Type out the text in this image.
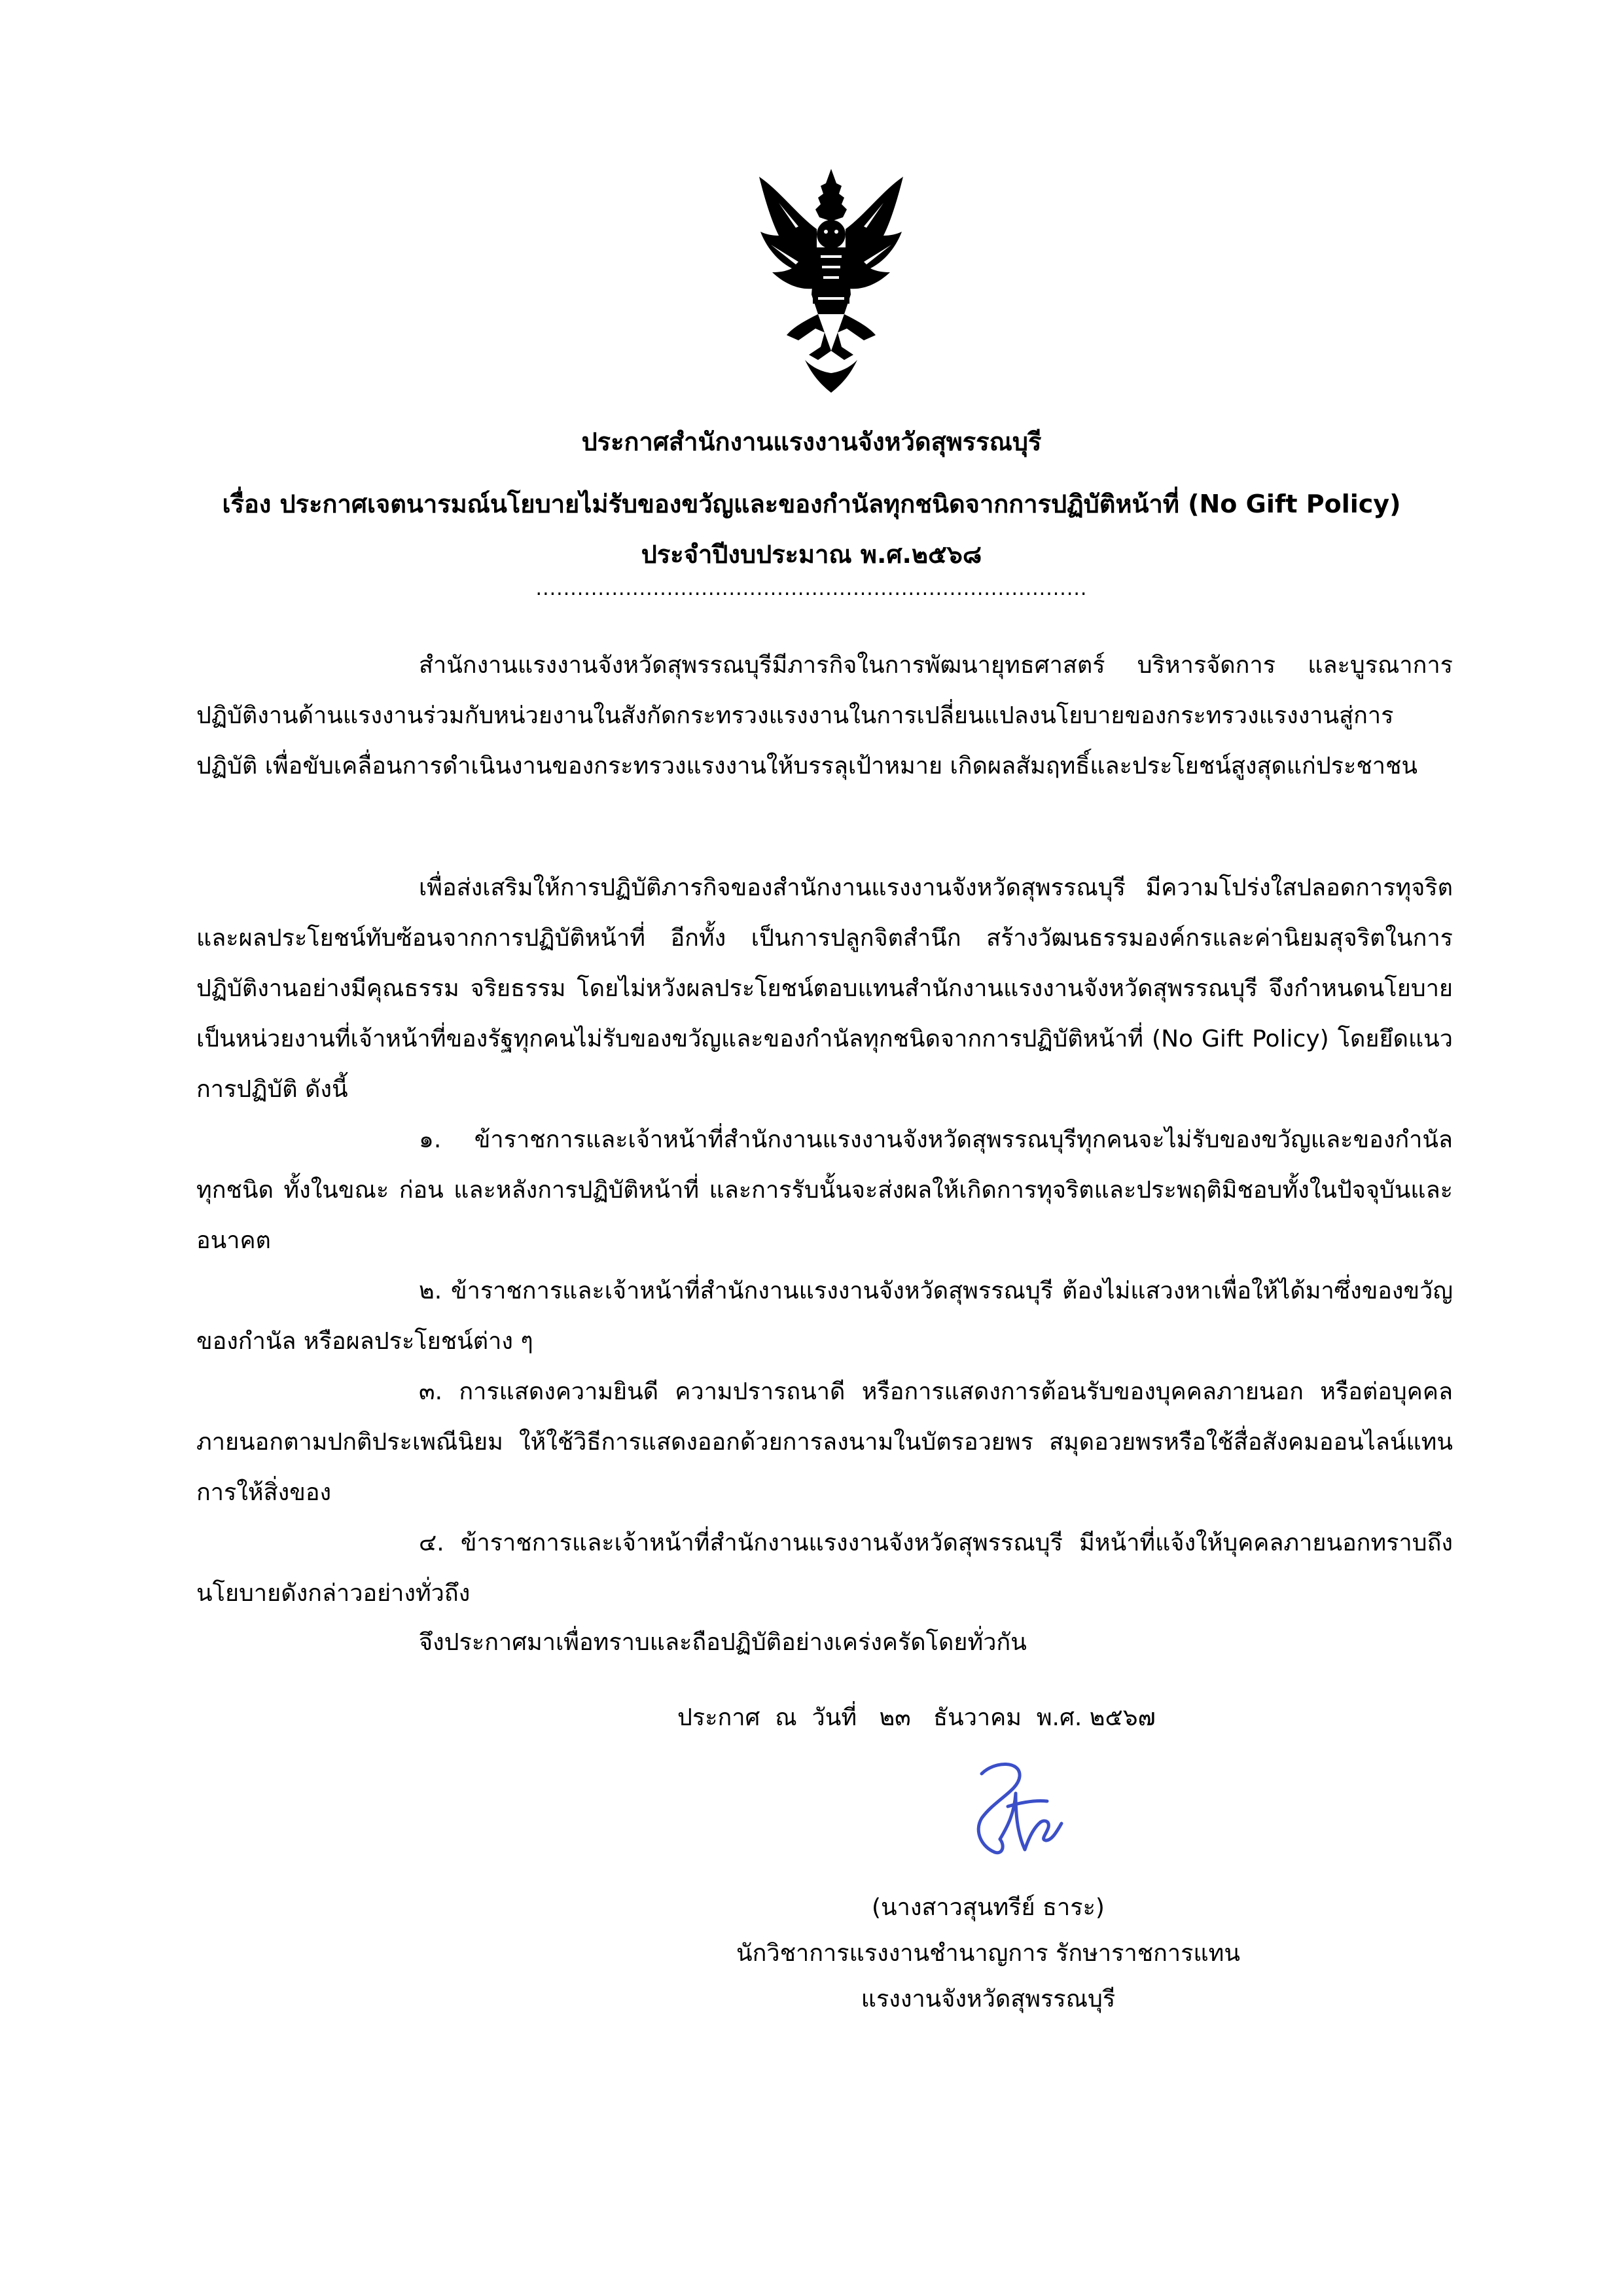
ประกาศสำนักงานแรงงานจังหวัดสุพรรณบุรี
เรื่อง ประกาศเจตนารมณ์นโยบายไม่รับของขวัญและของกำนัลทุกชนิดจากการปฏิบัติหน้าที่ (No Gift Policy)
ประจำปีงบประมาณ พ.ศ.๒๕๖๘
................................................................................

สำนักงานแรงงานจังหวัดสุพรรณบุรีมีภารกิจในการพัฒนายุทธศาสตร์ บริหารจัดการ และบูรณาการปฏิบัติงานด้านแรงงานร่วมกับหน่วยงานในสังกัดกระทรวงแรงงานในการเปลี่ยนแปลงนโยบายของกระทรวงแรงงานสู่การปฏิบัติ เพื่อขับเคลื่อนการดำเนินงานของกระทรวงแรงงานให้บรรลุเป้าหมาย เกิดผลสัมฤทธิ์และประโยชน์สูงสุดแก่ประชาชน

เพื่อส่งเสริมให้การปฏิบัติภารกิจของสำนักงานแรงงานจังหวัดสุพรรณบุรี มีความโปร่งใสปลอดการทุจริตและผลประโยชน์ทับซ้อนจากการปฏิบัติหน้าที่ อีกทั้ง เป็นการปลูกจิตสำนึก สร้างวัฒนธรรมองค์กรและค่านิยมสุจริตในการปฏิบัติงานอย่างมีคุณธรรม จริยธรรม โดยไม่หวังผลประโยชน์ตอบแทนสำนักงานแรงงานจังหวัดสุพรรณบุรี จึงกำหนดนโยบายเป็นหน่วยงานที่เจ้าหน้าที่ของรัฐทุกคนไม่รับของขวัญและของกำนัลทุกชนิดจากการปฏิบัติหน้าที่ (No Gift Policy) โดยยึดแนวการปฏิบัติ ดังนี้

๑. ข้าราชการและเจ้าหน้าที่สำนักงานแรงงานจังหวัดสุพรรณบุรีทุกคนจะไม่รับของขวัญและของกำนัลทุกชนิด ทั้งในขณะ ก่อน และหลังการปฏิบัติหน้าที่ และการรับนั้นจะส่งผลให้เกิดการทุจริตและประพฤติมิชอบทั้งในปัจจุบันและอนาคต

๒. ข้าราชการและเจ้าหน้าที่สำนักงานแรงงานจังหวัดสุพรรณบุรี ต้องไม่แสวงหาเพื่อให้ได้มาซึ่งของขวัญ ของกำนัล หรือผลประโยชน์ต่าง ๆ

๓. การแสดงความยินดี ความปรารถนาดี หรือการแสดงการต้อนรับของบุคคลภายนอก หรือต่อบุคคลภายนอกตามปกติประเพณีนิยม ให้ใช้วิธีการแสดงออกด้วยการลงนามในบัตรอวยพร สมุดอวยพรหรือใช้สื่อสังคมออนไลน์แทนการให้สิ่งของ

๔. ข้าราชการและเจ้าหน้าที่สำนักงานแรงงานจังหวัดสุพรรณบุรี มีหน้าที่แจ้งให้บุคคลภายนอกทราบถึงนโยบายดังกล่าวอย่างทั่วถึง

จึงประกาศมาเพื่อทราบและถือปฏิบัติอย่างเคร่งครัดโดยทั่วกัน
ประกาศ  ณ  วันที่   ๒๓   ธันวาคม  พ.ศ. ๒๕๖๗
(นางสาวสุนทรีย์ ธาระ)
นักวิชาการแรงงานชำนาญการ รักษาราชการแทน
แรงงานจังหวัดสุพรรณบุรี
